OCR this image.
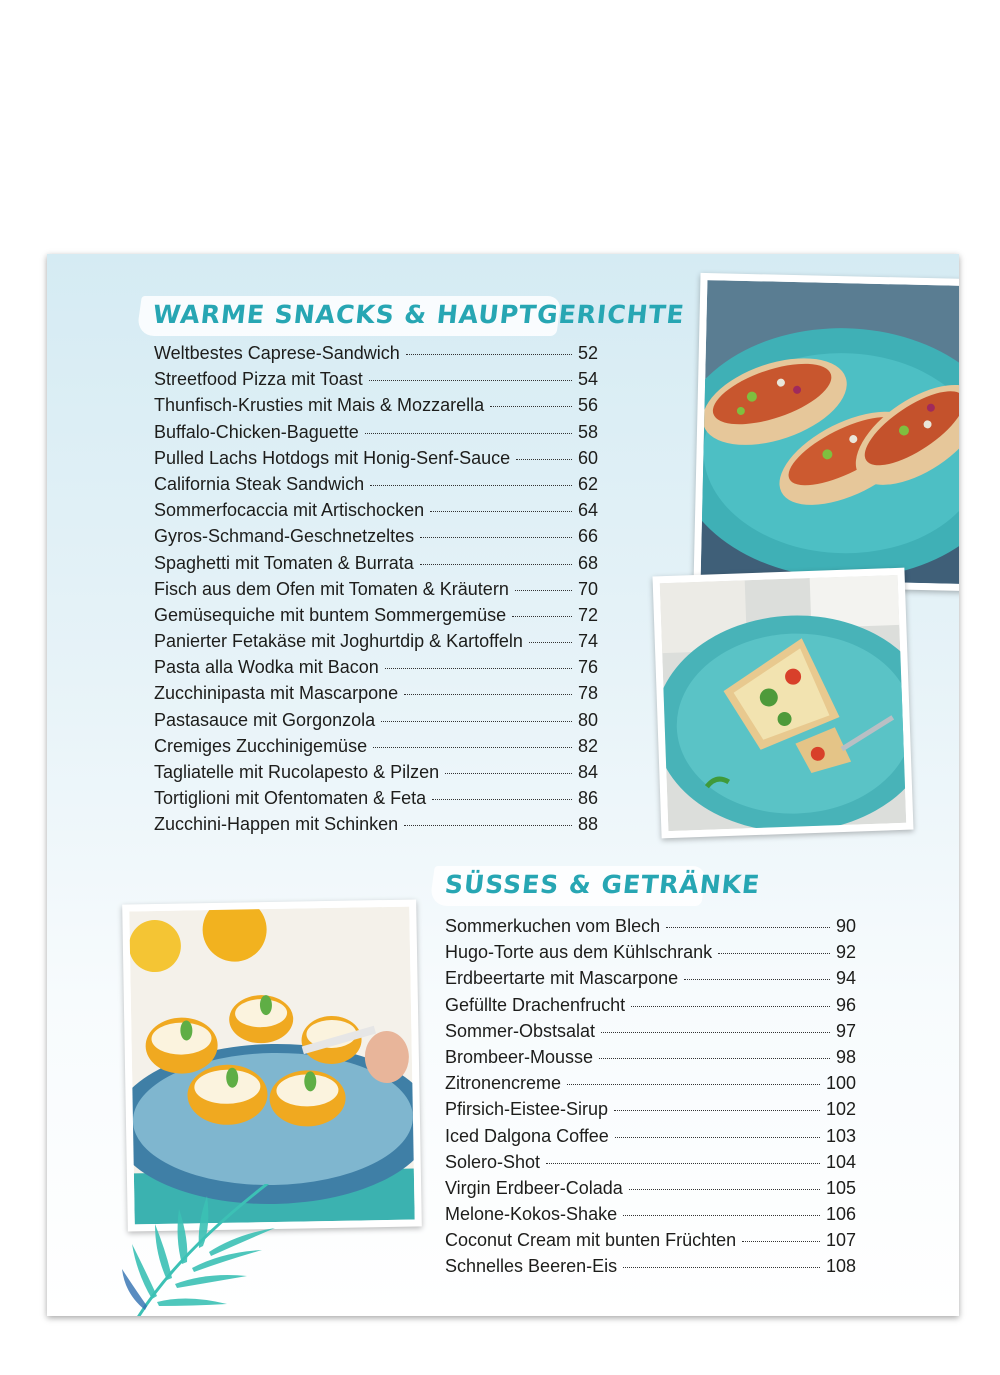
WARME SNACKS & HAUPTGERICHTE
Weltbestes Caprese-Sandwich	52
Streetfood Pizza mit Toast	54
Thunfisch-Krusties mit Mais & Mozzarella	56
Buffalo-Chicken-Baguette	58
Pulled Lachs Hotdogs mit Honig-Senf-Sauce	60
California Steak Sandwich	62
Sommerfocaccia mit Artischocken	64
Gyros-Schmand-Geschnetzeltes	66
Spaghetti mit Tomaten & Burrata	68
Fisch aus dem Ofen mit Tomaten & Kräutern	70
Gemüsequiche mit buntem Sommergemüse	72
Panierter Fetakäse mit Joghurtdip & Kartoffeln	74
Pasta alla Wodka mit Bacon	76
Zucchinipasta mit Mascarpone	78
Pastasauce mit Gorgonzola	80
Cremiges Zucchinigemüse	82
Tagliatelle mit Rucolapesto & Pilzen	84
Tortiglioni mit Ofentomaten & Feta	86
Zucchini-Happen mit Schinken	88
SÜSSES & GETRÄNKE
Sommerkuchen vom Blech	90
Hugo-Torte aus dem Kühlschrank	92
Erdbeertarte mit Mascarpone	94
Gefüllte Drachenfrucht	96
Sommer-Obstsalat	97
Brombeer-Mousse	98
Zitronencreme	100
Pfirsich-Eistee-Sirup	102
Iced Dalgona Coffee	103
Solero-Shot	104
Virgin Erdbeer-Colada	105
Melone-Kokos-Shake	106
Coconut Cream mit bunten Früchten	107
Schnelles Beeren-Eis	108
